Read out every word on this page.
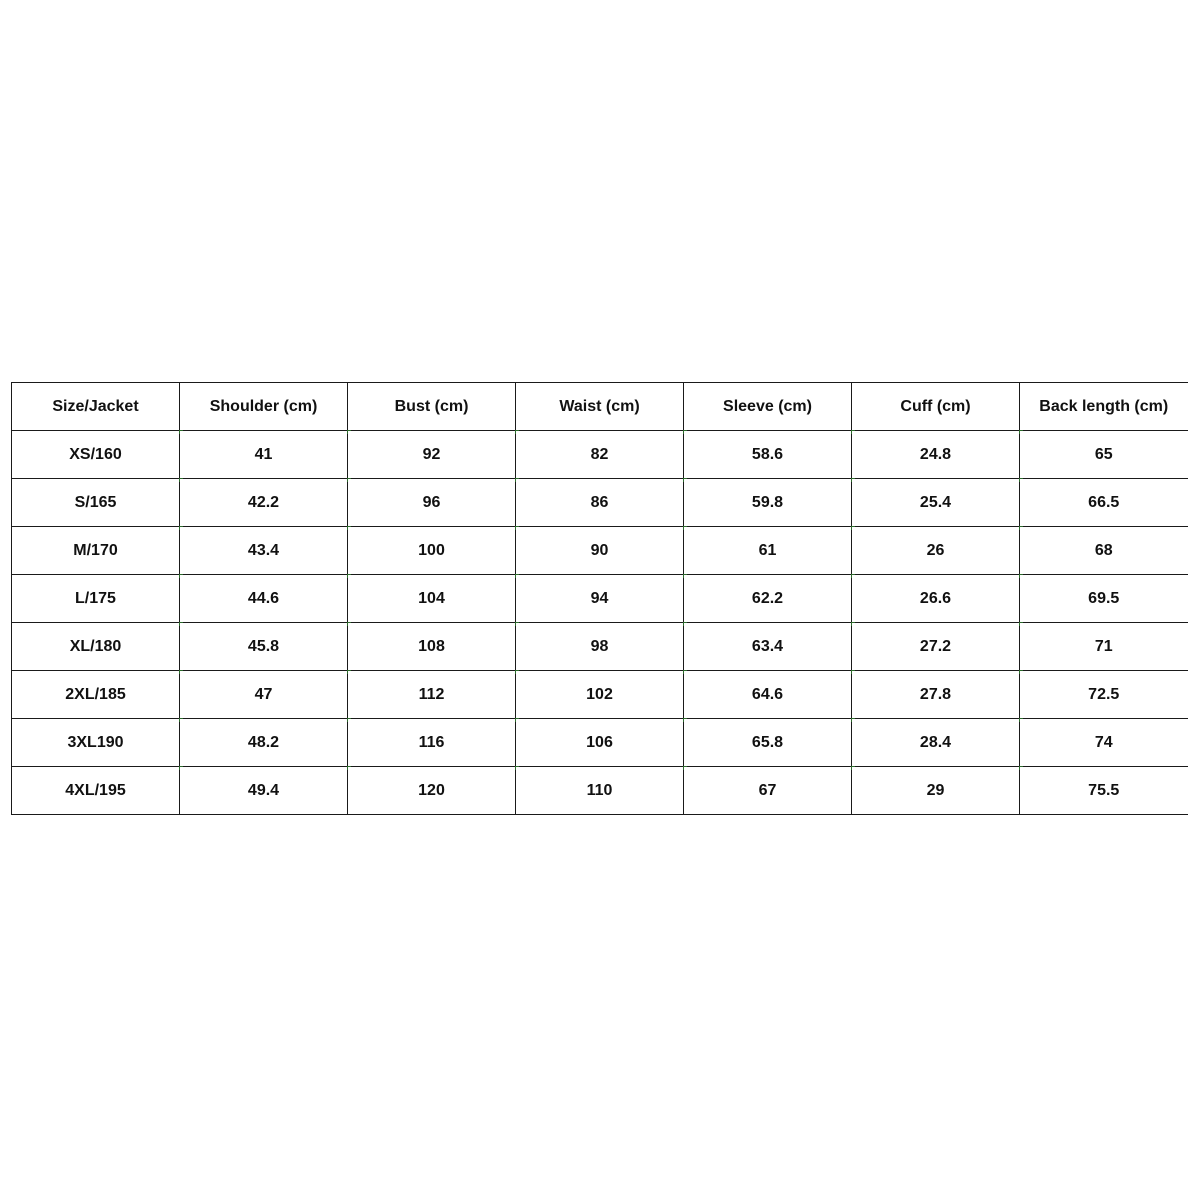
Size/Jacket	Shoulder (cm)	Bust (cm)	Waist (cm)	Sleeve (cm)	Cuff (cm)	Back length (cm)
XS/160	41	92	82	58.6	24.8	65
S/165	42.2	96	86	59.8	25.4	66.5
M/170	43.4	100	90	61	26	68
L/175	44.6	104	94	62.2	26.6	69.5
XL/180	45.8	108	98	63.4	27.2	71
2XL/185	47	112	102	64.6	27.8	72.5
3XL190	48.2	116	106	65.8	28.4	74
4XL/195	49.4	120	110	67	29	75.5
